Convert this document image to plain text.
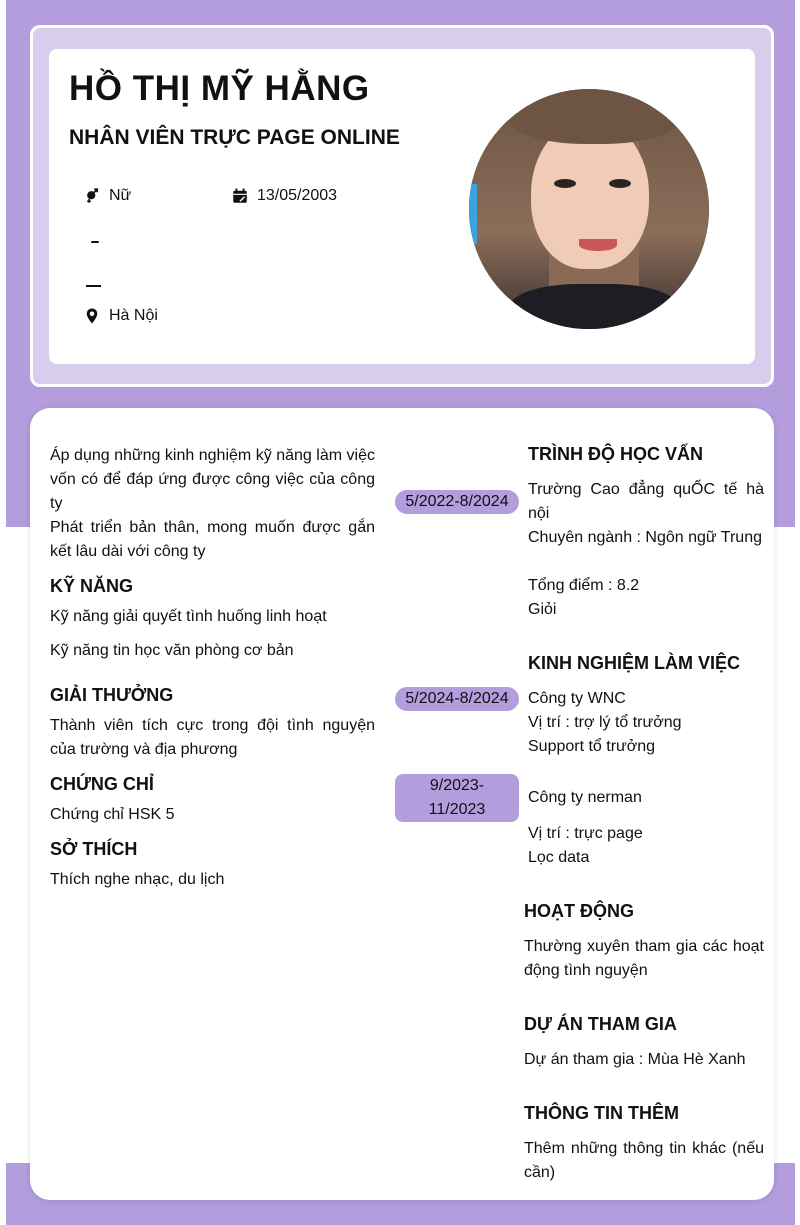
HỒ THỊ MỸ HẰNG
NHÂN VIÊN TRỰC PAGE ONLINE
Nữ	13/05/2003
Hà Nội
Áp dụng những kinh nghiệm kỹ năng làm việc vốn có để đáp ứng được công việc của công ty
Phát triển bản thân, mong muốn được gắn kết lâu dài với công ty
KỸ NĂNG
Kỹ năng giải quyết tình huống linh hoạt
Kỹ năng tin học văn phòng cơ bản
GIẢI THƯỞNG
Thành viên tích cực trong đội tình nguyện của trường và địa phương
CHỨNG CHỈ
Chứng chỉ HSK 5
SỞ THÍCH
Thích nghe nhạc, du lịch
TRÌNH ĐỘ HỌC VẤN
5/2022-8/2024
Trường Cao đẳng quỐC tế hà nội
Chuyên ngành : Ngôn ngữ Trung
Tổng điểm : 8.2
Giỏi
KINH NGHIỆM LÀM VIỆC
5/2024-8/2024	Công ty WNC
Vị trí : trợ lý tổ trưởng
Support tổ trưởng
9/2023-
11/2023
Công ty nerman
Vị trí : trực page
Lọc data
HOẠT ĐỘNG
Thường xuyên tham gia các hoạt động tình nguyện
DỰ ÁN THAM GIA
Dự án tham gia : Mùa Hè Xanh
THÔNG TIN THÊM
Thêm những thông tin khác (nếu cần)
